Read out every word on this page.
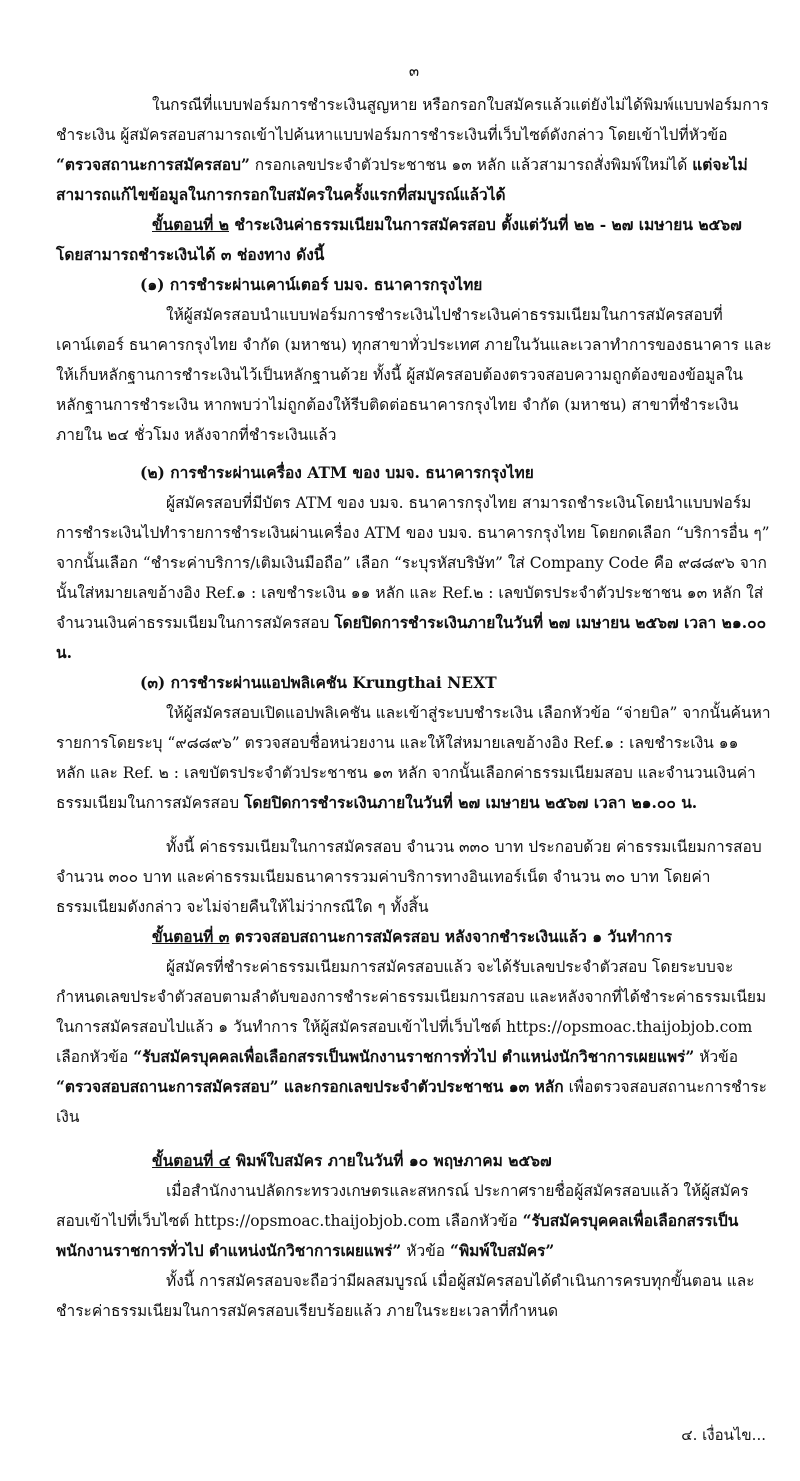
๓

ในกรณีที่แบบฟอร์มการชำระเงินสูญหาย หรือกรอกใบสมัครแล้วแต่ยังไม่ได้พิมพ์แบบฟอร์มการชำระเงิน ผู้สมัครสอบสามารถเข้าไปค้นหาแบบฟอร์มการชำระเงินที่เว็บไซต์ดังกล่าว โดยเข้าไปที่หัวข้อ “ตรวจสถานะการสมัครสอบ” กรอกเลขประจำตัวประชาชน ๑๓ หลัก แล้วสามารถสั่งพิมพ์ใหม่ได้ แต่จะไม่สามารถแก้ไขข้อมูลในการกรอกใบสมัครในครั้งแรกที่สมบูรณ์แล้วได้

ขั้นตอนที่ ๒ ชำระเงินค่าธรรมเนียมในการสมัครสอบ ตั้งแต่วันที่ ๒๒ - ๒๗ เมษายน ๒๕๖๗

โดยสามารถชำระเงินได้ ๓ ช่องทาง ดังนี้

(๑) การชำระผ่านเคาน์เตอร์ บมจ. ธนาคารกรุงไทย

ให้ผู้สมัครสอบนำแบบฟอร์มการชำระเงินไปชำระเงินค่าธรรมเนียมในการสมัครสอบที่เคาน์เตอร์ ธนาคารกรุงไทย จำกัด (มหาชน) ทุกสาขาทั่วประเทศ ภายในวันและเวลาทำการของธนาคาร และให้เก็บหลักฐานการชำระเงินไว้เป็นหลักฐานด้วย ทั้งนี้ ผู้สมัครสอบต้องตรวจสอบความถูกต้องของข้อมูลในหลักฐานการชำระเงิน หากพบว่าไม่ถูกต้องให้รีบติดต่อธนาคารกรุงไทย จำกัด (มหาชน) สาขาที่ชำระเงินภายใน ๒๔ ชั่วโมง หลังจากที่ชำระเงินแล้ว

(๒) การชำระผ่านเครื่อง ATM ของ บมจ. ธนาคารกรุงไทย

ผู้สมัครสอบที่มีบัตร ATM ของ บมจ. ธนาคารกรุงไทย สามารถชำระเงินโดยนำแบบฟอร์มการชำระเงินไปทำรายการชำระเงินผ่านเครื่อง ATM ของ บมจ. ธนาคารกรุงไทย โดยกดเลือก “บริการอื่น ๆ” จากนั้นเลือก “ชำระค่าบริการ/เติมเงินมือถือ” เลือก “ระบุรหัสบริษัท” ใส่ Company Code คือ ๙๘๘๙๖ จากนั้นใส่หมายเลขอ้างอิง Ref.๑ : เลขชำระเงิน ๑๑ หลัก และ Ref.๒ : เลขบัตรประจำตัวประชาชน ๑๓ หลัก ใส่จำนวนเงินค่าธรรมเนียมในการสมัครสอบ โดยปิดการชำระเงินภายในวันที่ ๒๗ เมษายน ๒๕๖๗ เวลา ๒๑.๐๐ น.

(๓) การชำระผ่านแอปพลิเคชัน Krungthai NEXT

ให้ผู้สมัครสอบเปิดแอปพลิเคชัน และเข้าสู่ระบบชำระเงิน เลือกหัวข้อ “จ่ายบิล” จากนั้นค้นหารายการโดยระบุ “๙๘๘๙๖” ตรวจสอบชื่อหน่วยงาน และให้ใส่หมายเลขอ้างอิง Ref.๑ : เลขชำระเงิน ๑๑ หลัก และ Ref. ๒ : เลขบัตรประจำตัวประชาชน ๑๓ หลัก จากนั้นเลือกค่าธรรมเนียมสอบ และจำนวนเงินค่าธรรมเนียมในการสมัครสอบ โดยปิดการชำระเงินภายในวันที่ ๒๗ เมษายน ๒๕๖๗ เวลา ๒๑.๐๐ น.

ทั้งนี้ ค่าธรรมเนียมในการสมัครสอบ จำนวน ๓๓๐ บาท ประกอบด้วย ค่าธรรมเนียมการสอบ จำนวน ๓๐๐ บาท และค่าธรรมเนียมธนาคารรวมค่าบริการทางอินเทอร์เน็ต จำนวน ๓๐ บาท โดยค่าธรรมเนียมดังกล่าว จะไม่จ่ายคืนให้ไม่ว่ากรณีใด ๆ ทั้งสิ้น

ขั้นตอนที่ ๓ ตรวจสอบสถานะการสมัครสอบ หลังจากชำระเงินแล้ว ๑ วันทำการ

ผู้สมัครที่ชำระค่าธรรมเนียมการสมัครสอบแล้ว จะได้รับเลขประจำตัวสอบ โดยระบบจะกำหนดเลขประจำตัวสอบตามลำดับของการชำระค่าธรรมเนียมการสอบ และหลังจากที่ได้ชำระค่าธรรมเนียมในการสมัครสอบไปแล้ว ๑ วันทำการ ให้ผู้สมัครสอบเข้าไปที่เว็บไซต์ https://opsmoac.thaijobjob.com เลือกหัวข้อ “รับสมัครบุคคลเพื่อเลือกสรรเป็นพนักงานราชการทั่วไป ตำแหน่งนักวิชาการเผยแพร่” หัวข้อ “ตรวจสอบสถานะการสมัครสอบ” และกรอกเลขประจำตัวประชาชน ๑๓ หลัก เพื่อตรวจสอบสถานะการชำระเงิน

ขั้นตอนที่ ๔ พิมพ์ใบสมัคร ภายในวันที่ ๑๐ พฤษภาคม ๒๕๖๗

เมื่อสำนักงานปลัดกระทรวงเกษตรและสหกรณ์ ประกาศรายชื่อผู้สมัครสอบแล้ว ให้ผู้สมัครสอบเข้าไปที่เว็บไซต์ https://opsmoac.thaijobjob.com เลือกหัวข้อ “รับสมัครบุคคลเพื่อเลือกสรรเป็นพนักงานราชการทั่วไป ตำแหน่งนักวิชาการเผยแพร่” หัวข้อ “พิมพ์ใบสมัคร”

ทั้งนี้ การสมัครสอบจะถือว่ามีผลสมบูรณ์ เมื่อผู้สมัครสอบได้ดำเนินการครบทุกขั้นตอน และชำระค่าธรรมเนียมในการสมัครสอบเรียบร้อยแล้ว ภายในระยะเวลาที่กำหนด

๔. เงื่อนไข...
